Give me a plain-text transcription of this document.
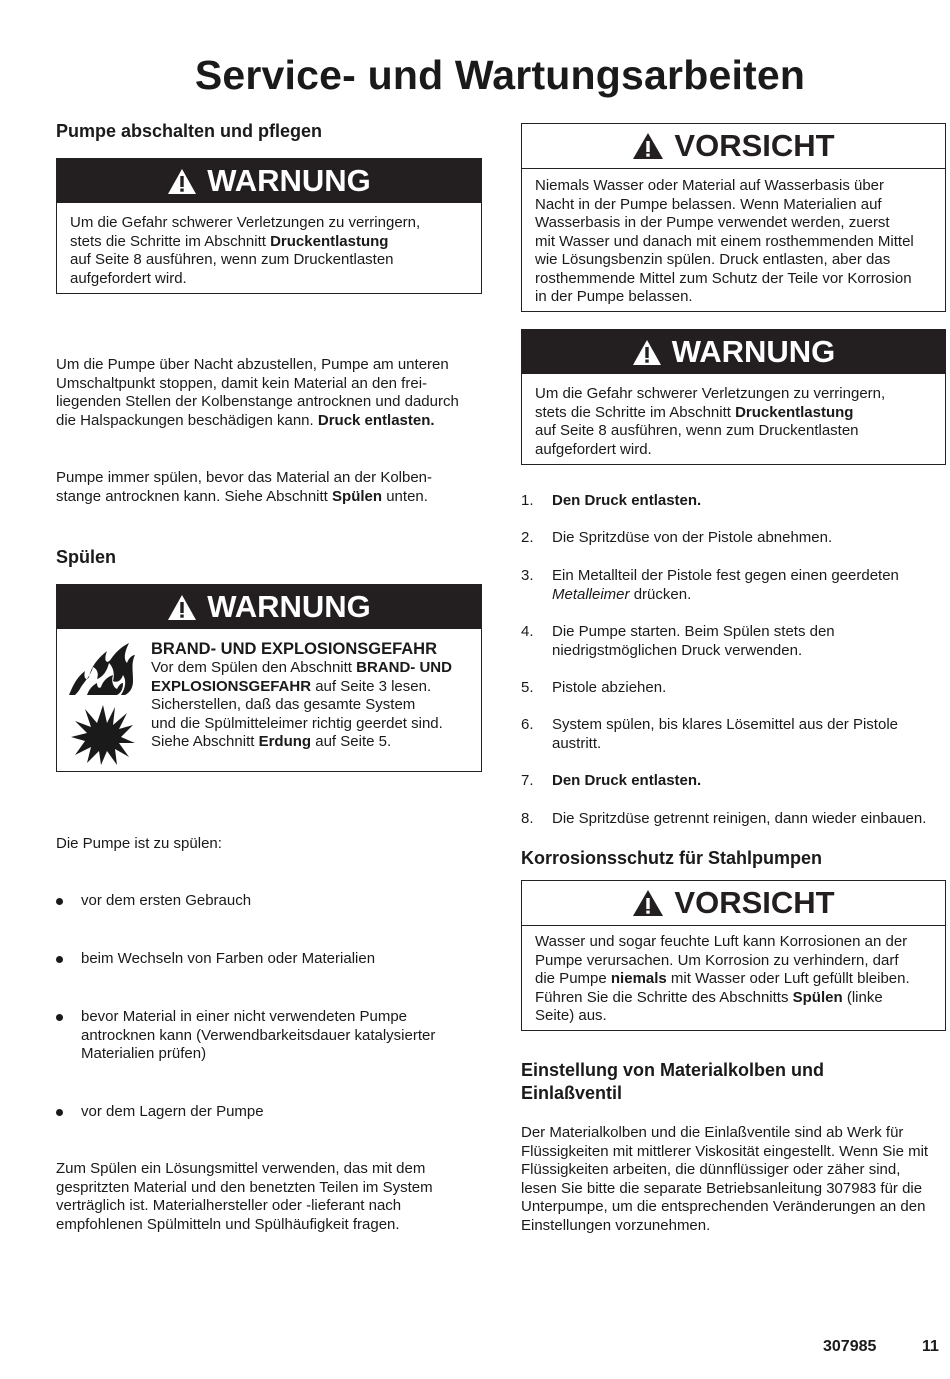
Service- und Wartungsarbeiten
Pumpe abschalten und pflegen
WARNUNG
Um die Gefahr schwerer Verletzungen zu verringern,
stets die Schritte im Abschnitt Druckentlastung
auf Seite 8 ausführen, wenn zum Druckentlasten
aufgefordert wird.
Um die Pumpe über Nacht abzustellen, Pumpe am unteren
Umschaltpunkt stoppen, damit kein Material an den frei-
liegenden Stellen der Kolbenstange antrocknen und dadurch
die Halspackungen beschädigen kann. Druck entlasten.
Pumpe immer spülen, bevor das Material an der Kolben-
stange antrocknen kann. Siehe Abschnitt Spülen unten.
Spülen
WARNUNG
BRAND- UND EXPLOSIONSGEFAHR
Vor dem Spülen den Abschnitt BRAND- UND
EXPLOSIONSGEFAHR auf Seite 3 lesen.
Sicherstellen, daß das gesamte System
und die Spülmitteleimer richtig geerdet sind.
Siehe Abschnitt Erdung auf Seite 5.
Die Pumpe ist zu spülen:
vor dem ersten Gebrauch
beim Wechseln von Farben oder Materialien
bevor Material in einer nicht verwendeten Pumpe
antrocknen kann (Verwendbarkeitsdauer katalysierter
Materialien prüfen)
vor dem Lagern der Pumpe
Zum Spülen ein Lösungsmittel verwenden, das mit dem
gespritzten Material und den benetzten Teilen im System
verträglich ist. Materialhersteller oder -lieferant nach
empfohlenen Spülmitteln und Spülhäufigkeit fragen.
VORSICHT
Niemals Wasser oder Material auf Wasserbasis über
Nacht in der Pumpe belassen. Wenn Materialien auf
Wasserbasis in der Pumpe verwendet werden, zuerst
mit Wasser und danach mit einem rosthemmenden Mittel
wie Lösungsbenzin spülen. Druck entlasten, aber das
rosthemmende Mittel zum Schutz der Teile vor Korrosion
in der Pumpe belassen.
WARNUNG
Um die Gefahr schwerer Verletzungen zu verringern,
stets die Schritte im Abschnitt Druckentlastung
auf Seite 8 ausführen, wenn zum Druckentlasten
aufgefordert wird.
1.	Den Druck entlasten.
2.	Die Spritzdüse von der Pistole abnehmen.
3.	Ein Metallteil der Pistole fest gegen einen geerdeten
Metalleimer drücken.
4.	Die Pumpe starten. Beim Spülen stets den
niedrigstmöglichen Druck verwenden.
5.	Pistole abziehen.
6.	System spülen, bis klares Lösemittel aus der Pistole
austritt.
7.	Den Druck entlasten.
8.	Die Spritzdüse getrennt reinigen, dann wieder einbauen.
Korrosionsschutz für Stahlpumpen
VORSICHT
Wasser und sogar feuchte Luft kann Korrosionen an der
Pumpe verursachen. Um Korrosion zu verhindern, darf
die Pumpe niemals mit Wasser oder Luft gefüllt bleiben.
Führen Sie die Schritte des Abschnitts Spülen (linke
Seite) aus.
Einstellung von Materialkolben und
Einlaßventil
Der Materialkolben und die Einlaßventile sind ab Werk für
Flüssigkeiten mit mittlerer Viskosität eingestellt. Wenn Sie mit
Flüssigkeiten arbeiten, die dünnflüssiger oder zäher sind,
lesen Sie bitte die separate Betriebsanleitung 307983 für die
Unterpumpe, um die entsprechenden Veränderungen an den
Einstellungen vorzunehmen.
307985	11
